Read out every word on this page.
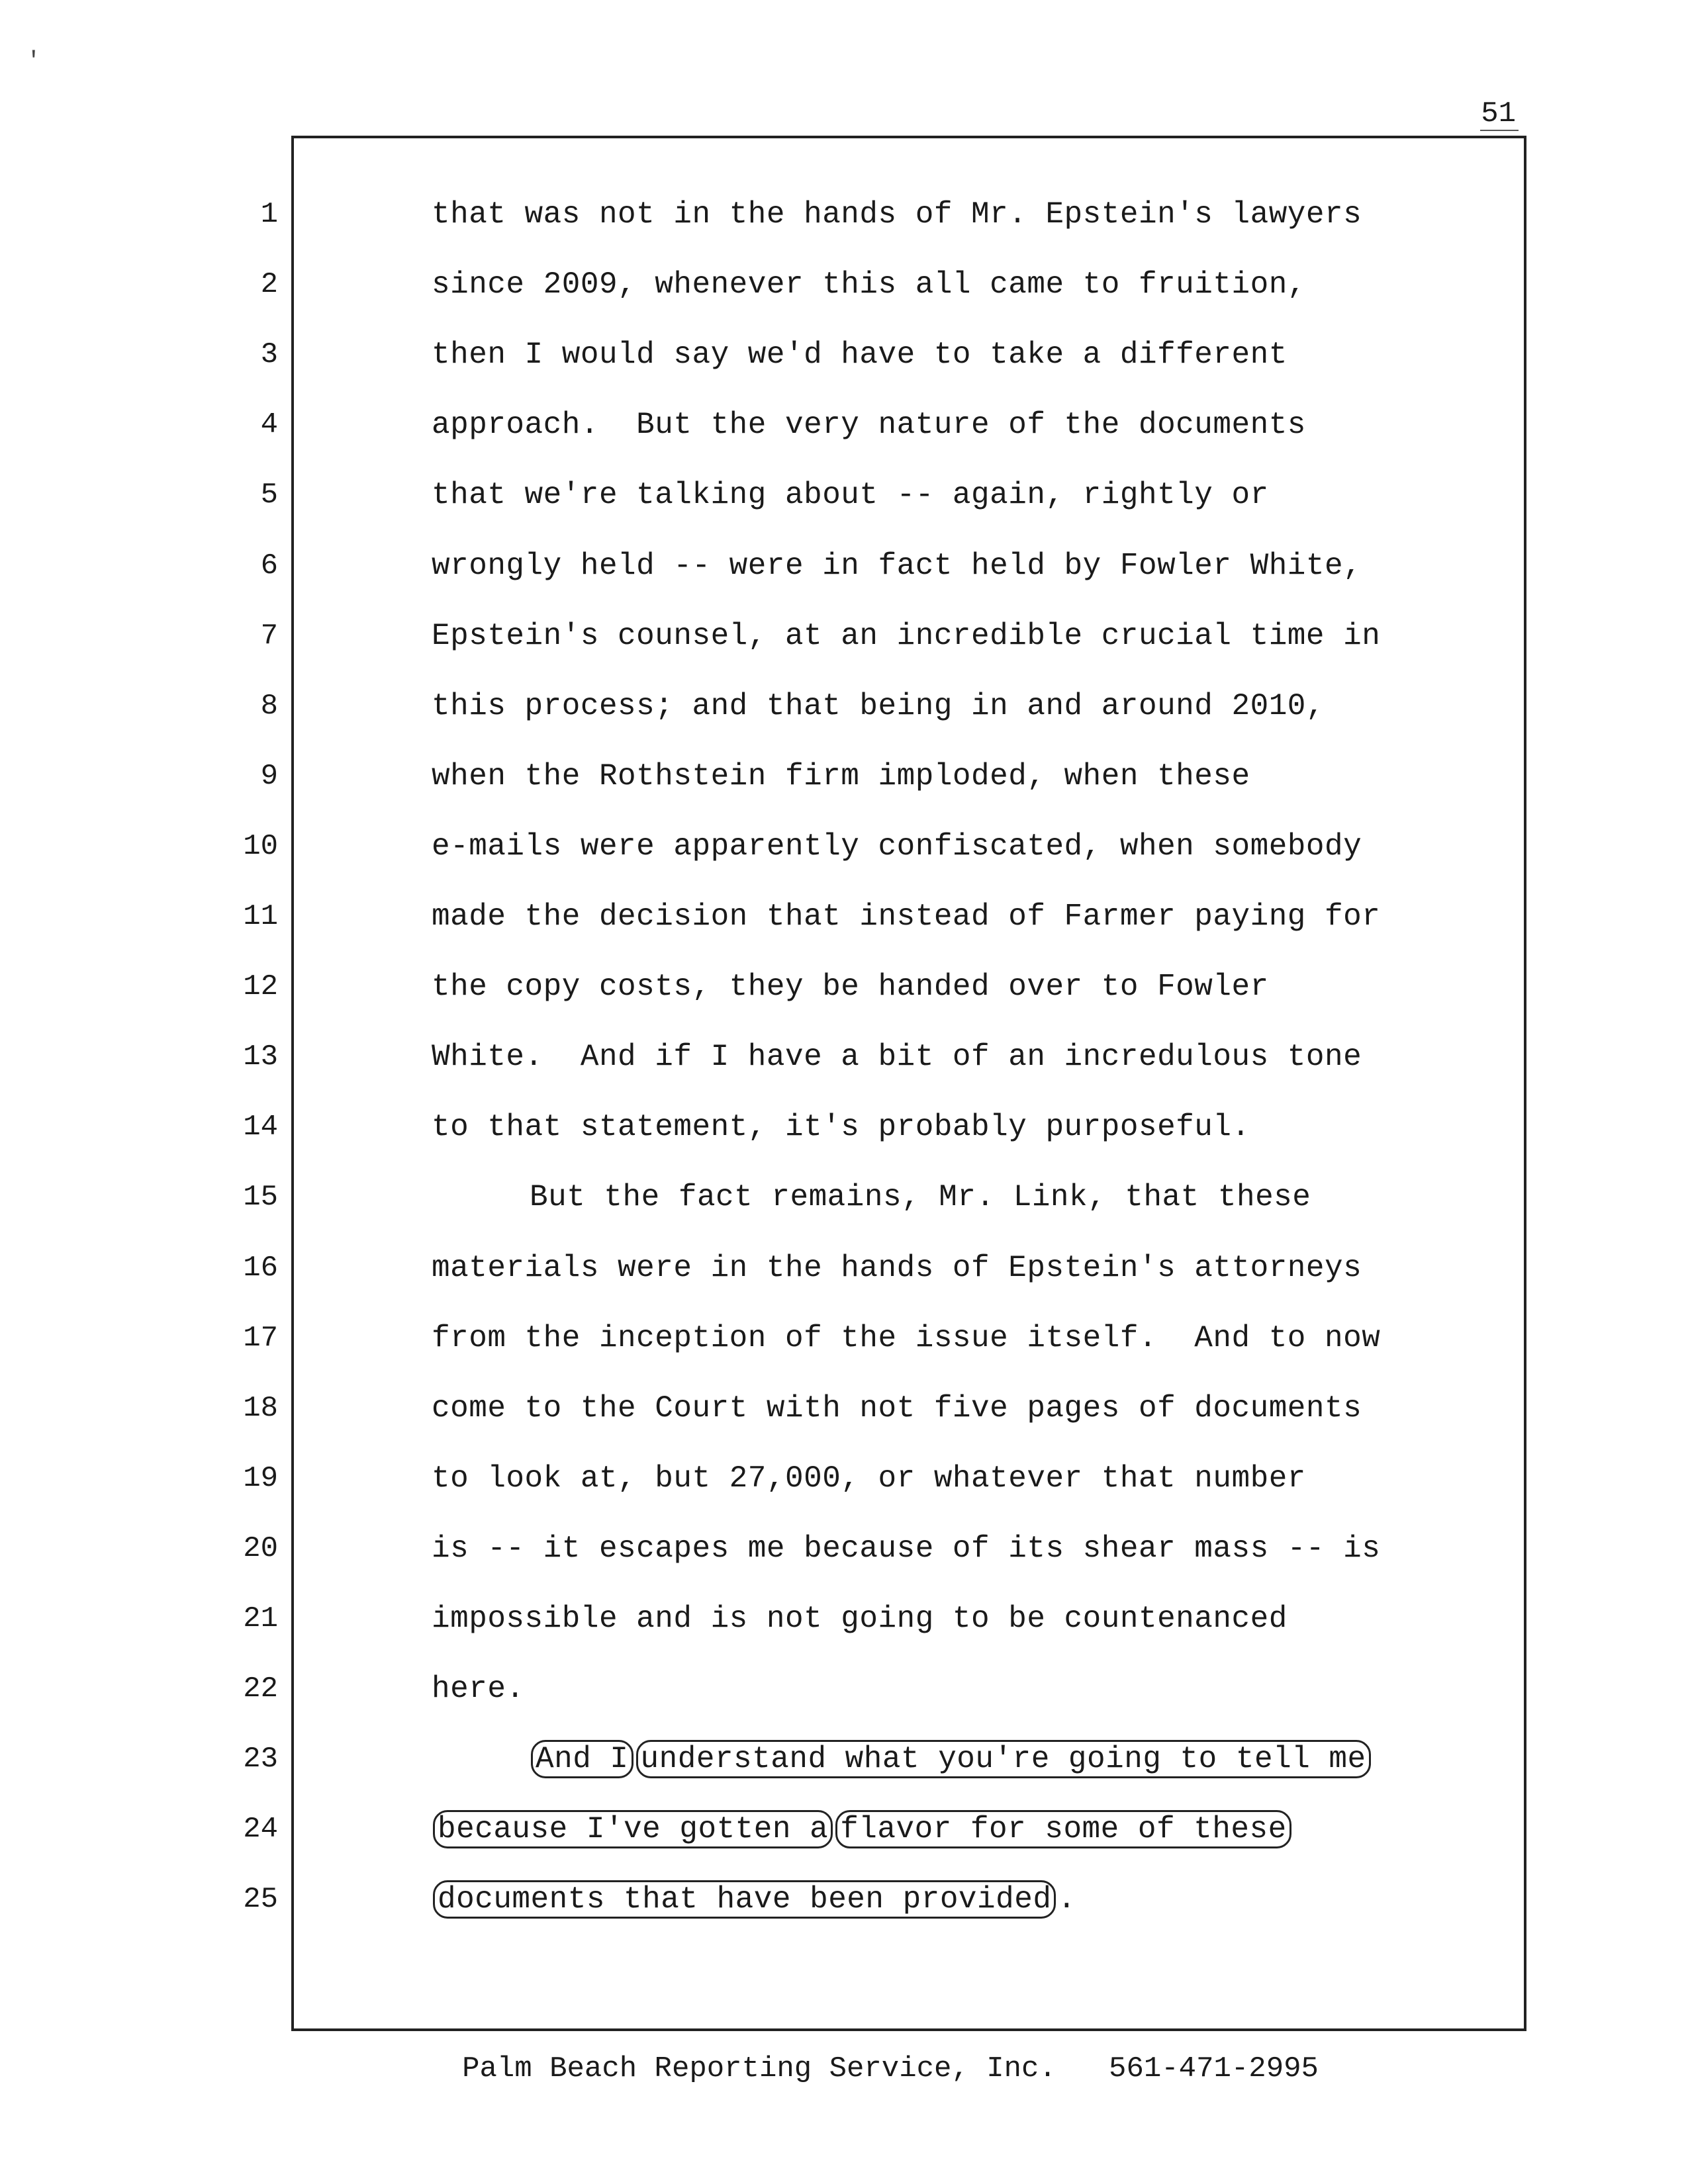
51
'
1
2
3
4
5
6
7
8
9
10
11
12
13
14
15
16
17
18
19
20
21
22
23
24
25
that was not in the hands of Mr. Epstein's lawyers
since 2009, whenever this all came to fruition,
then I would say we'd have to take a different
approach.  But the very nature of the documents
that we're talking about -- again, rightly or
wrongly held -- were in fact held by Fowler White,
Epstein's counsel, at an incredible crucial time in
this process; and that being in and around 2010,
when the Rothstein firm imploded, when these
e-mails were apparently confiscated, when somebody
made the decision that instead of Farmer paying for
the copy costs, they be handed over to Fowler
White.  And if I have a bit of an incredulous tone
to that statement, it's probably purposeful.
But the fact remains, Mr. Link, that these
materials were in the hands of Epstein's attorneys
from the inception of the issue itself.  And to now
come to the Court with not five pages of documents
to look at, but 27,000, or whatever that number
is -- it escapes me because of its shear mass -- is
impossible and is not going to be countenanced
here.
And I understand what you're going to tell me
because I've gotten a flavor for some of these
documents that have been provided .
Palm Beach Reporting Service, Inc.   561-471-2995
